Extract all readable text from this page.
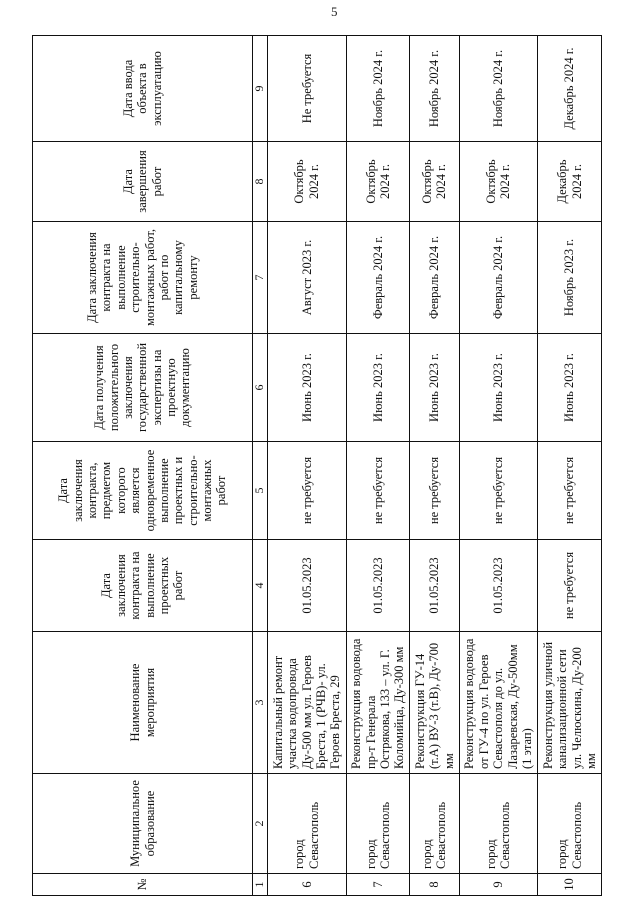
5
№	Муниципальное образование	Наименование мероприятия	Дата заключения контракта на выполнение проектных работ	Дата заключения контракта, предметом которого является одновременное выполнение проектных и строительно-монтажных работ	Дата получения положительного заключения государственной экспертизы на проектную документацию	Дата заключения контракта на выполнение строительно-монтажных работ, работ по капитальному ремонту	Дата завершения работ	Дата ввода объекта в эксплуатацию
1	2	3	4	5	6	7	8	9
6	город Севастополь	Капитальный ремонт участка водопровода Ду-500 мм ул. Героев Бреста, 1 (РЧВ)- ул. Героев Бреста, 29	01.05.2023	не требуется	Июнь 2023 г.	Август 2023 г.	Октябрь 2024 г.	Не требуется
7	город Севастополь	Реконструкция водовода пр-т Генерала Острякова, 133 – ул. Г. Коломийца, Ду-300 мм	01.05.2023	не требуется	Июнь 2023 г.	Февраль 2024 г.	Октябрь 2024 г.	Ноябрь 2024 г.
8	город Севастополь	Реконструкция ГУ-14 (т.А) ВУ-3 (т.В), Ду-700 мм	01.05.2023	не требуется	Июнь 2023 г.	Февраль 2024 г.	Октябрь 2024 г.	Ноябрь 2024 г.
9	город Севастополь	Реконструкция водовода от ГУ-4 по ул. Героев Севастополя до ул. Лазаревская, Ду-500мм (1 этап)	01.05.2023	не требуется	Июнь 2023 г.	Февраль 2024 г.	Октябрь 2024 г.	Ноябрь 2024 г.
10	город Севастополь	Реконструкция уличной канализационной сети ул. Челюскина, Ду-200 мм	не требуется	не требуется	Июнь 2023 г.	Ноябрь 2023 г.	Декабрь 2024 г.	Декабрь 2024 г.
